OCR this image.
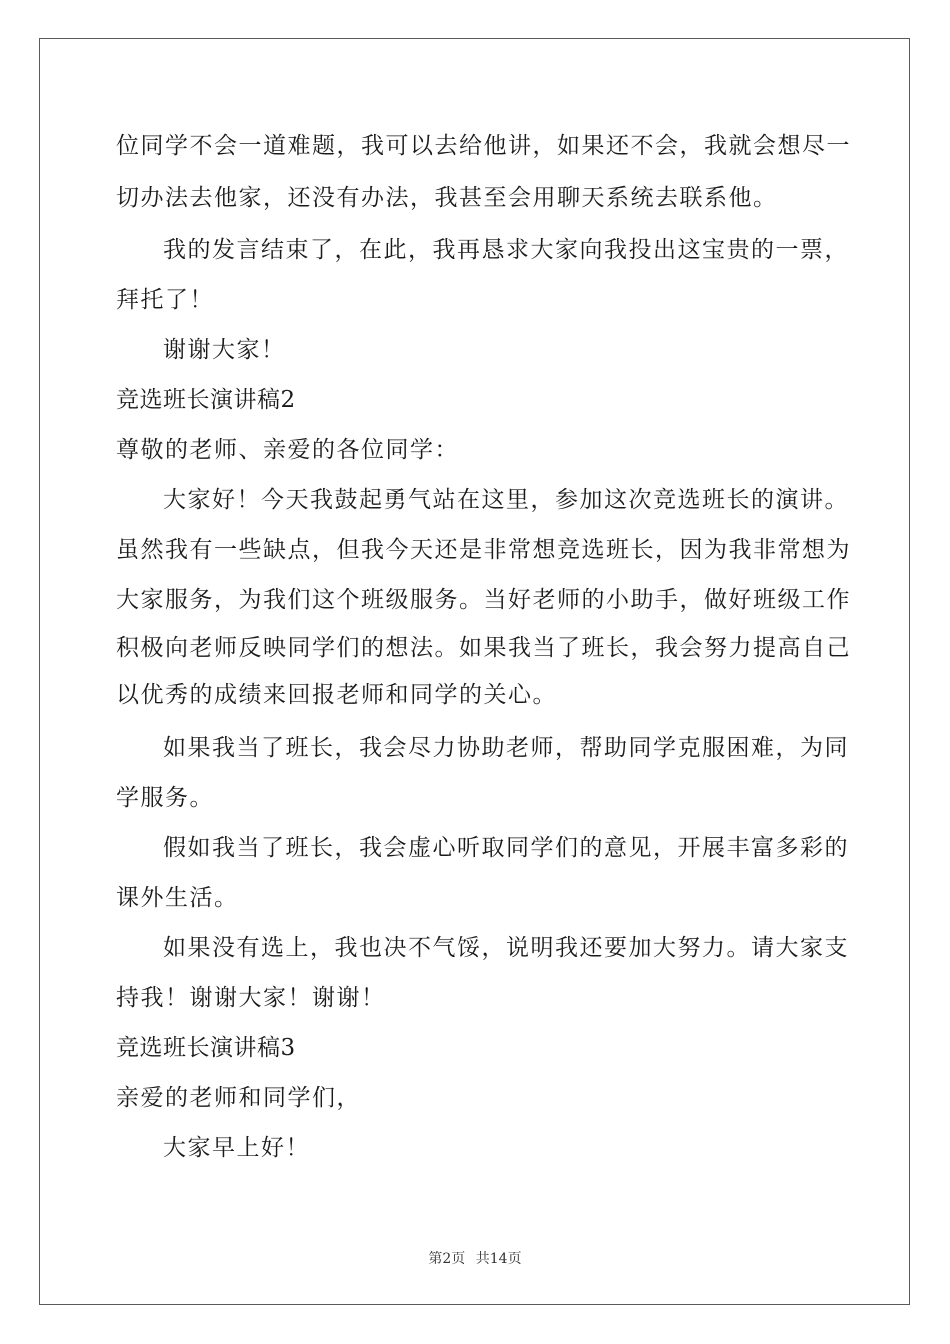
位同学不会一道难题，我可以去给他讲，如果还不会，我就会想尽一

切办法去他家，还没有办法，我甚至会用聊天系统去联系他。

我的发言结束了，在此，我再恳求大家向我投出这宝贵的一票，

拜托了！

谢谢大家！

竞选班长演讲稿2

尊敬的老师、亲爱的各位同学：

大家好！今天我鼓起勇气站在这里，参加这次竞选班长的演讲。

虽然我有一些缺点，但我今天还是非常想竞选班长，因为我非常想为

大家服务，为我们这个班级服务。当好老师的小助手，做好班级工作

积极向老师反映同学们的想法。如果我当了班长，我会努力提高自己

以优秀的成绩来回报老师和同学的关心。

如果我当了班长，我会尽力协助老师，帮助同学克服困难，为同

学服务。

假如我当了班长，我会虚心听取同学们的意见，开展丰富多彩的

课外生活。

如果没有选上，我也决不气馁，说明我还要加大努力。请大家支

持我！谢谢大家！谢谢！

竞选班长演讲稿3

亲爱的老师和同学们，

大家早上好！

第2页 共14页
